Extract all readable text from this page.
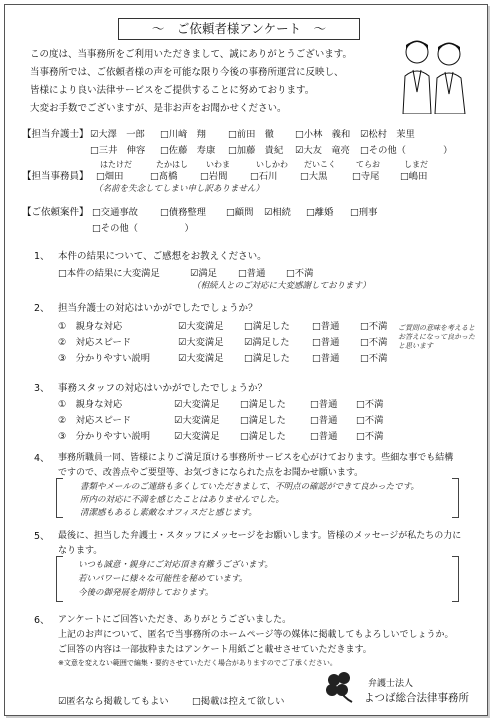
～　ご依頼者様アンケート　～
この度は、当事務所をご利用いただきまして、誠にありがとうございます。
当事務所では、ご依頼者様の声を可能な限り今後の事務所運営に反映し、
皆様により良い法律サービスをご提供することに努めております。
大変お手数でございますが、是非お声をお聞かせください。
【担当弁護士】 ☑大澤　一郎 □川﨑　翔 □前田　徹 □小林　義和 ☑松村　茉里
□三井　伸容 □佐藤　寿康 □加藤　貴紀 ☑大友　竜亮 □その他（　　　　）
【担当事務員】
はたけだ	たかはし いわま	いしかわ だいこく	てらお	しまだ
□畑田	□髙橋 □岩間 □石川 □大黒	□寺尾 □嶋田
（名前を失念してしまい申し訳ありません）
【ご依頼案件】 □交通事故 □債務整理 □顧問 ☑相続 □離婚 □刑事
□その他（　　　　　）
1、 本件の結果について、ご感想をお教えください。
□本件の結果に大変満足	☑満足 □普通 □不満
（相続人とのご対応に大変感謝しております）
2、 担当弁護士の対応はいかがでしたでしょうか？
①　親身な対応	☑大変満足 □満足した □普通 □不満
②　対応スピード	☑大変満足 ☑満足した □普通 □不満
③　分かりやすい説明	☑大変満足 □満足した □普通 □不満
ご質問の意味を考えるとお答えになって良かったと思います
3、 事務スタッフの対応はいかがでしたでしょうか？
①　親身な対応	☑大変満足 □満足した	□普通 □不満
②　対応スピード	☑大変満足 □満足した	□普通 □不満
③　分かりやすい説明	☑大変満足 □満足した	□普通 □不満
4、 事務所職員一同、皆様によりご満足頂ける事務所サービスを心がけております。些細な事でも結構
ですので、改善点やご要望等、お気づきになられた点をお聞かせ願います。
書類やメールのご連絡も多くしていただきまして、不明点の確認ができて良かったです。
所内の対応に不満を感じたことはありませんでした。
清潔感もあるし素敵なオフィスだと感じます。
5、 最後に、担当した弁護士・スタッフにメッセージをお願いします。皆様のメッセージが私たちの力に
なります。
いつも誠意・親身にご対応頂き有難うございます。
若いパワーに様々な可能性を秘めています。
今後の御発展を期待しております。
6、 アンケートにご回答いただき、ありがとうございました。
上記のお声について、匿名で当事務所のホームページ等の媒体に掲載してもよろしいでしょうか。
ご回答の内容は一部抜粋またはアンケート用紙ごと載せさせていただきます。
※文意を変えない範囲で編集・要約させていただく場合がありますのでご了承ください。
☑匿名なら掲載してもよい	□掲載は控えて欲しい
弁護士法人
よつば総合法律事務所
